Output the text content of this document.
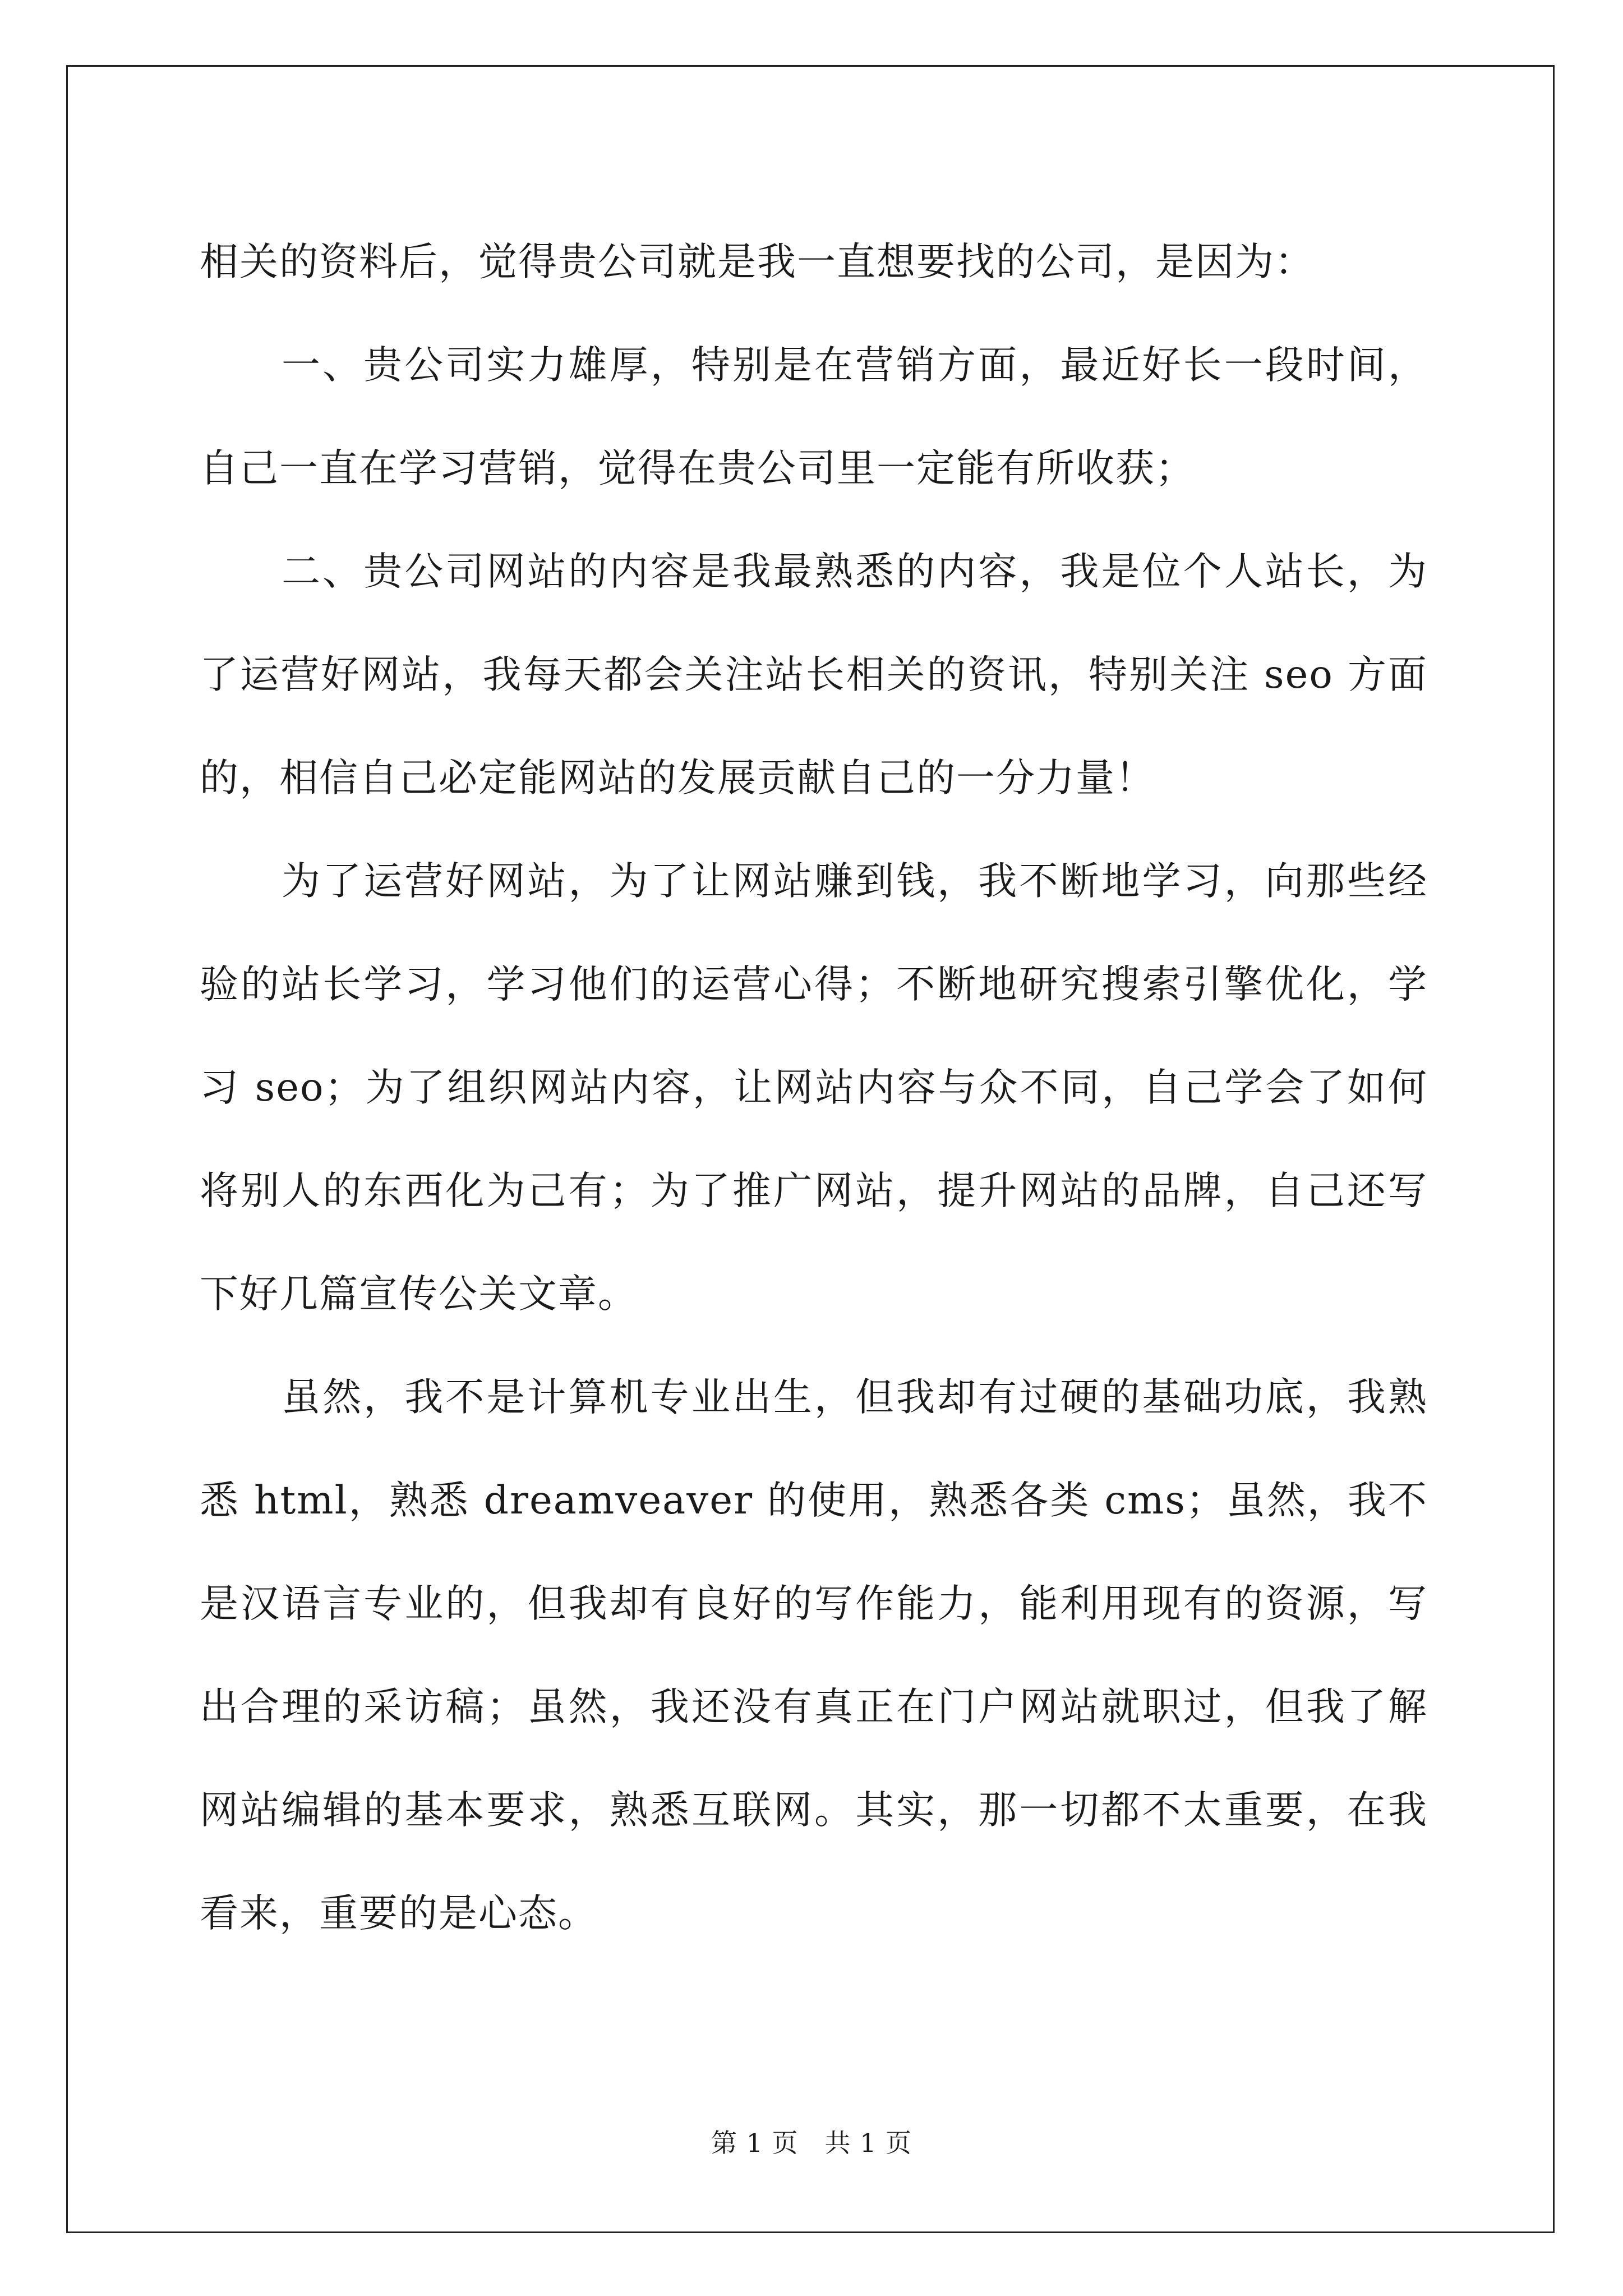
相关的资料后，觉得贵公司就是我一直想要找的公司，是因为：

一、贵公司实力雄厚，特别是在营销方面，最近好长一段时间，自己一直在学习营销，觉得在贵公司里一定能有所收获；

二、贵公司网站的内容是我最熟悉的内容，我是位个人站长，为了运营好网站，我每天都会关注站长相关的资讯，特别关注 seo 方面的，相信自己必定能网站的发展贡献自己的一分力量！

为了运营好网站，为了让网站赚到钱，我不断地学习，向那些经验的站长学习，学习他们的运营心得；不断地研究搜索引擎优化，学习 seo；为了组织网站内容，让网站内容与众不同，自己学会了如何将别人的东西化为己有；为了推广网站，提升网站的品牌，自己还写下好几篇宣传公关文章。

虽然，我不是计算机专业出生，但我却有过硬的基础功底，我熟悉 html，熟悉 dreamveaver 的使用，熟悉各类 cms；虽然，我不是汉语言专业的，但我却有良好的写作能力，能利用现有的资源，写出合理的采访稿；虽然，我还没有真正在门户网站就职过，但我了解网站编辑的基本要求，熟悉互联网。其实，那一切都不太重要，在我看来，重要的是心态。

第 1 页　共 1 页
